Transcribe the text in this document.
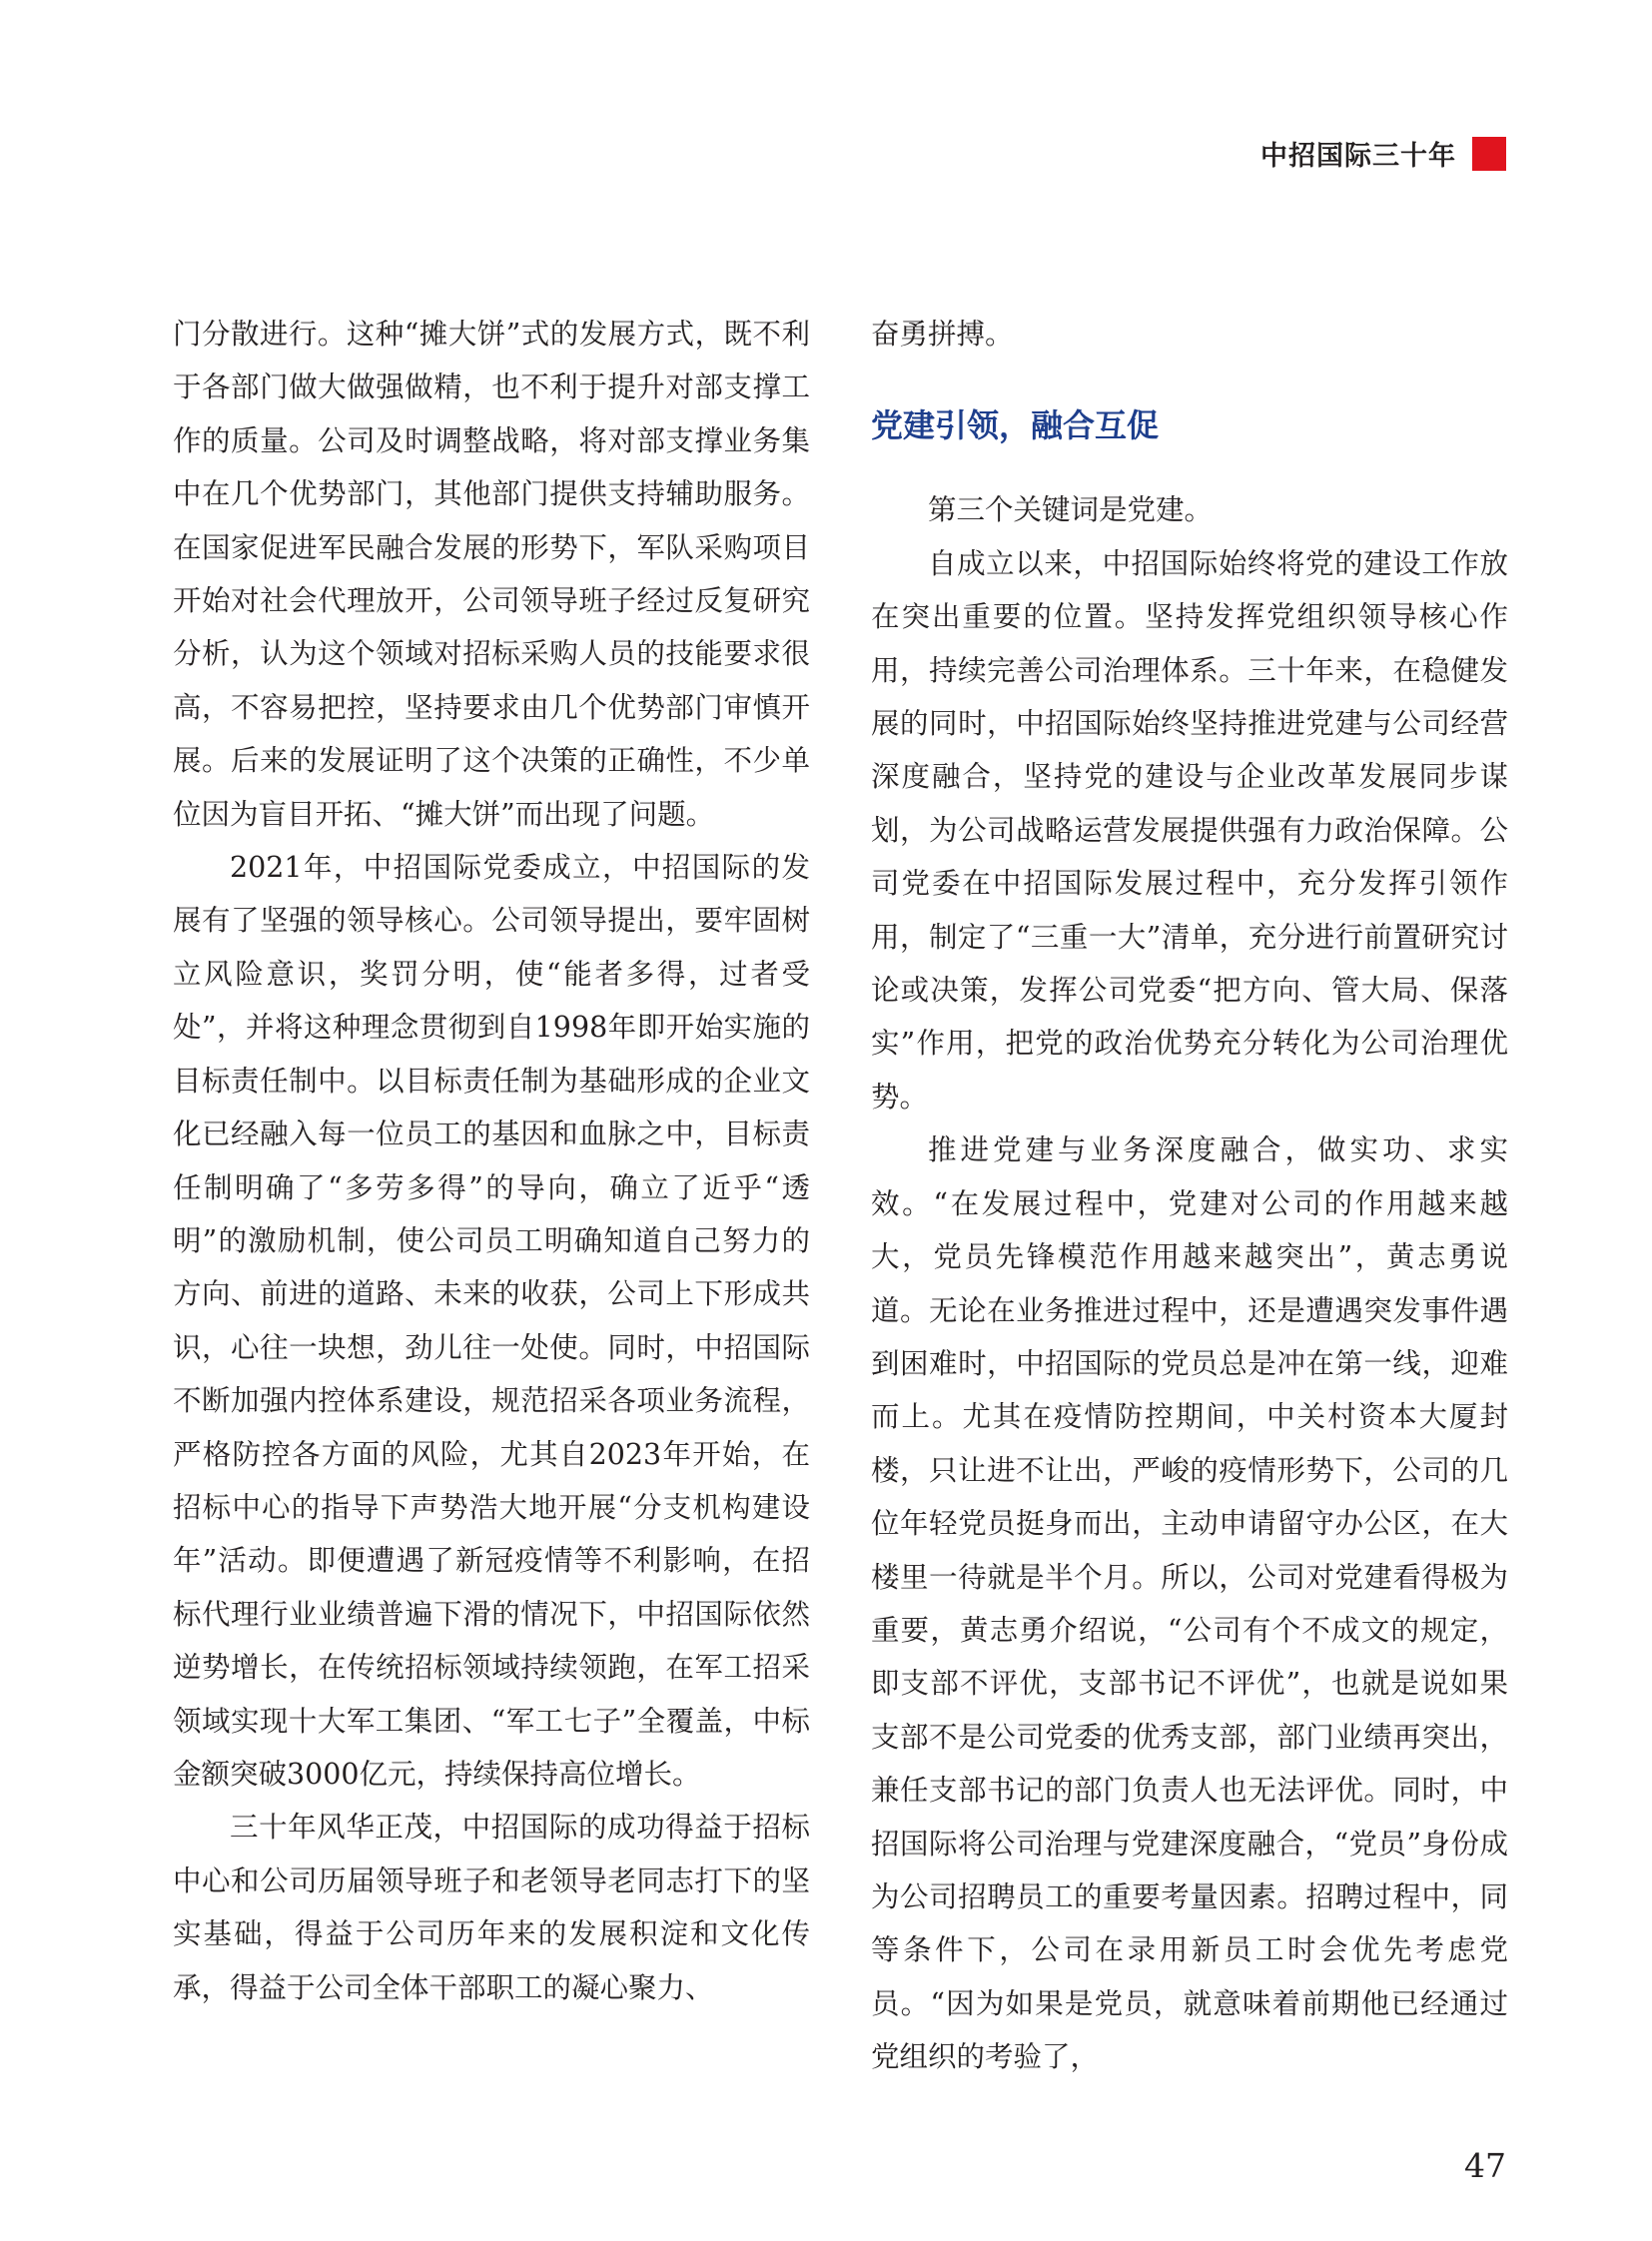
中招国际三十年

门分散进行。这种“摊大饼”式的发展方式，既不利于各部门做大做强做精，也不利于提升对部支撑工作的质量。公司及时调整战略，将对部支撑业务集中在几个优势部门，其他部门提供支持辅助服务。在国家促进军民融合发展的形势下，军队采购项目开始对社会代理放开，公司领导班子经过反复研究分析，认为这个领域对招标采购人员的技能要求很高，不容易把控，坚持要求由几个优势部门审慎开展。后来的发展证明了这个决策的正确性，不少单位因为盲目开拓、“摊大饼”而出现了问题。

2021年，中招国际党委成立，中招国际的发展有了坚强的领导核心。公司领导提出，要牢固树立风险意识，奖罚分明，使“能者多得，过者受处”，并将这种理念贯彻到自1998年即开始实施的目标责任制中。以目标责任制为基础形成的企业文化已经融入每一位员工的基因和血脉之中，目标责任制明确了“多劳多得”的导向，确立了近乎“透明”的激励机制，使公司员工明确知道自己努力的方向、前进的道路、未来的收获，公司上下形成共识，心往一块想，劲儿往一处使。同时，中招国际不断加强内控体系建设，规范招采各项业务流程，严格防控各方面的风险，尤其自2023年开始，在招标中心的指导下声势浩大地开展“分支机构建设年”活动。即便遭遇了新冠疫情等不利影响，在招标代理行业业绩普遍下滑的情况下，中招国际依然逆势增长，在传统招标领域持续领跑，在军工招采领域实现十大军工集团、“军工七子”全覆盖，中标金额突破3000亿元，持续保持高位增长。

三十年风华正茂，中招国际的成功得益于招标中心和公司历届领导班子和老领导老同志打下的坚实基础，得益于公司历年来的发展积淀和文化传承，得益于公司全体干部职工的凝心聚力、

奋勇拼搏。

党建引领，融合互促

第三个关键词是党建。

自成立以来，中招国际始终将党的建设工作放在突出重要的位置。坚持发挥党组织领导核心作用，持续完善公司治理体系。三十年来，在稳健发展的同时，中招国际始终坚持推进党建与公司经营深度融合，坚持党的建设与企业改革发展同步谋划，为公司战略运营发展提供强有力政治保障。公司党委在中招国际发展过程中，充分发挥引领作用，制定了“三重一大”清单，充分进行前置研究讨论或决策，发挥公司党委“把方向、管大局、保落实”作用，把党的政治优势充分转化为公司治理优势。

推进党建与业务深度融合，做实功、求实效。“在发展过程中，党建对公司的作用越来越大，党员先锋模范作用越来越突出”，黄志勇说道。无论在业务推进过程中，还是遭遇突发事件遇到困难时，中招国际的党员总是冲在第一线，迎难而上。尤其在疫情防控期间，中关村资本大厦封楼，只让进不让出，严峻的疫情形势下，公司的几位年轻党员挺身而出，主动申请留守办公区，在大楼里一待就是半个月。所以，公司对党建看得极为重要，黄志勇介绍说，“公司有个不成文的规定，即支部不评优，支部书记不评优”，也就是说如果支部不是公司党委的优秀支部，部门业绩再突出，兼任支部书记的部门负责人也无法评优。同时，中招国际将公司治理与党建深度融合，“党员”身份成为公司招聘员工的重要考量因素。招聘过程中，同等条件下，公司在录用新员工时会优先考虑党员。“因为如果是党员，就意味着前期他已经通过党组织的考验了，

47
